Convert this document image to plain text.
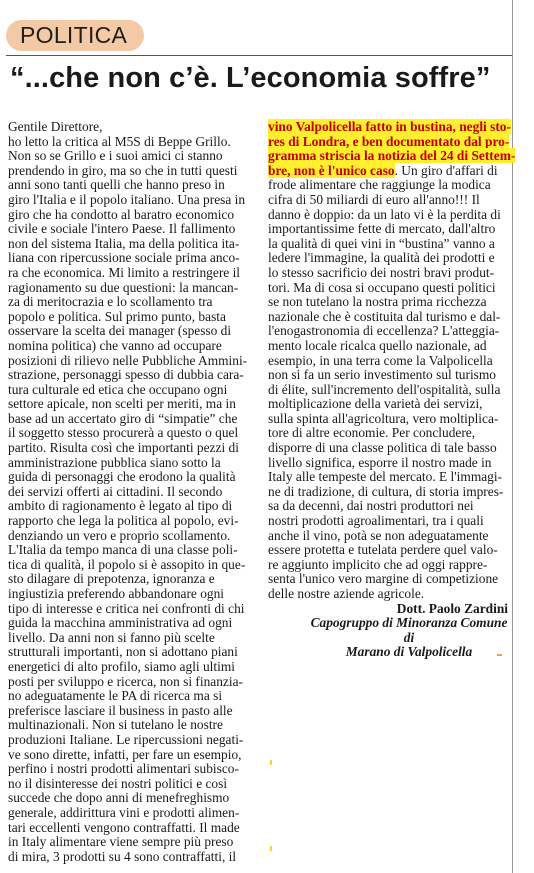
POLITICA
“...che non c’è. L’economia soffre”
Gentile Direttore,
ho letto la critica al M5S di Beppe Grillo.
Non so se Grillo e i suoi amici ci stanno
prendendo in giro, ma so che in tutti questi
anni sono tanti quelli che hanno preso in
giro l'Italia e il popolo italiano. Una presa in
giro che ha condotto al baratro economico
civile e sociale l'intero Paese. Il fallimento
non del sistema Italia, ma della politica ita-
liana con ripercussione sociale prima anco-
ra che economica. Mi limito a restringere il
ragionamento su due questioni: la mancan-
za di meritocrazia e lo scollamento tra
popolo e politica. Sul primo punto, basta
osservare la scelta dei manager (spesso di
nomina politica) che vanno ad occupare
posizioni di rilievo nelle Pubbliche Ammini-
strazione, personaggi spesso di dubbia cara-
tura culturale ed etica che occupano ogni
settore apicale, non scelti per meriti, ma in
base ad un accertato giro di “simpatie” che
il soggetto stesso procurerà a questo o quel
partito. Risulta così che importanti pezzi di
amministrazione pubblica siano sotto la
guida di personaggi che erodono la qualità
dei servizi offerti ai cittadini. Il secondo
ambito di ragionamento è legato al tipo di
rapporto che lega la politica al popolo, evi-
denziando un vero e proprio scollamento.
L'Italia da tempo manca di una classe poli-
tica di qualità, il popolo si è assopito in que-
sto dilagare di prepotenza, ignoranza e
ingiustizia preferendo abbandonare ogni
tipo di interesse e critica nei confronti di chi
guida la macchina amministrativa ad ogni
livello. Da anni non si fanno più scelte
strutturali importanti, non si adottano piani
energetici di alto profilo, siamo agli ultimi
posti per sviluppo e ricerca, non si finanzia-
no adeguatamente le PA di ricerca ma si
preferisce lasciare il business in pasto alle
multinazionali. Non si tutelano le nostre
produzioni Italiane. Le ripercussioni negati-
ve sono dirette, infatti, per fare un esempio,
perfino i nostri prodotti alimentari subisco-
no il disinteresse dei nostri politici e così
succede che dopo anni di menefreghismo
generale, addirittura vini e prodotti alimen-
tari eccellenti vengono contraffatti. Il made
in Italy alimentare viene sempre più preso
di mira, 3 prodotti su 4 sono contraffatti, il
vino Valpolicella fatto in bustina, negli sto-
res di Londra, e ben documentato dal pro-
gramma striscia la notizia del 24 di Settem-
bre, non è l'unico caso. Un giro d'affari di
frode alimentare che raggiunge la modica
cifra di 50 miliardi di euro all'anno!!! Il
danno è doppio: da un lato vi è la perdita di
importantissime fette di mercato, dall'altro
la qualità di quei vini in “bustina” vanno a
ledere l'immagine, la qualità dei prodotti e
lo stesso sacrificio dei nostri bravi produt-
tori. Ma di cosa si occupano questi politici
se non tutelano la nostra prima ricchezza
nazionale che è costituita dal turismo e dal-
l'enogastronomia di eccellenza? L'atteggia-
mento locale ricalca quello nazionale, ad
esempio, in una terra come la Valpolicella
non si fa un serio investimento sul turismo
di élite, sull'incremento dell'ospitalità, sulla
moltiplicazione della varietà dei servizi,
sulla spinta all'agricoltura, vero moltiplica-
tore di altre economie. Per concludere,
disporre di una classe politica di tale basso
livello significa, esporre il nostro made in
Italy alle tempeste del mercato. E l'immagi-
ne di tradizione, di cultura, di storia impres-
sa da decenni, dai nostri produttori nei
nostri prodotti agroalimentari, tra i quali
anche il vino, potà se non adeguatamente
essere protetta e tutelata perdere quel valo-
re aggiunto implicito che ad oggi rappre-
senta l'unico vero margine di competizione
delle nostre aziende agricole.
Dott. Paolo Zardini
Capogruppo di Minoranza Comune di
Marano di Valpolicella
